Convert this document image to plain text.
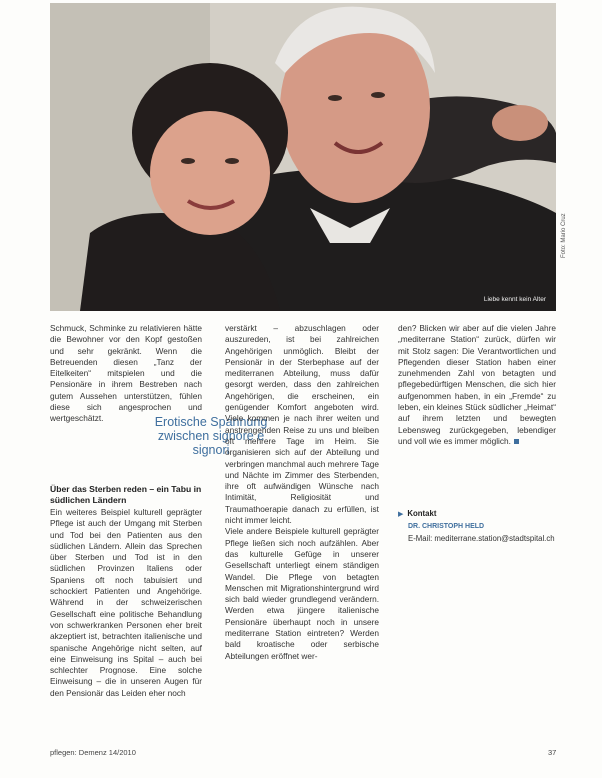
Liebe kennt kein Alter
Foto: Mario Cruz

Schmuck, Schminke zu relativieren hätte die Bewohner vor den Kopf gestoßen und sehr gekränkt. Wenn die Betreuenden diesen „Tanz der Eitelkeiten“ mitspielen und die Pensionäre in ihrem Bestreben nach gutem Aussehen unterstützen, fühlen diese sich angesprochen und wertgeschätzt.	Erotische Spannung zwischen signore e signori
Über das Sterben reden – ein Tabu in südlichen Ländern

Ein weiteres Beispiel kulturell geprägter Pflege ist auch der Umgang mit Sterben und Tod bei den Patienten aus den südlichen Ländern. Allein das Sprechen über Sterben und Tod ist in den südlichen Provinzen Italiens oder Spaniens oft noch tabuisiert und schockiert Patienten und Angehörige. Während in der schweizerischen Gesellschaft eine politische Behandlung von schwerkranken Personen eher breit akzeptiert ist, betrachten italienische und spanische Angehörige nicht selten, auf eine Einweisung ins Spital – auch bei schlechter Prognose. Eine solche Einweisung – die in unseren Augen für den Pensionär das Leiden eher noch

verstärkt – abzuschlagen oder auszureden, ist bei zahlreichen Angehörigen unmöglich. Bleibt der Pensionär in der Sterbephase auf der mediterranen Abteilung, muss dafür gesorgt werden, dass den zahlreichen Angehörigen, die erscheinen, ein genügender Komfort angeboten wird. Viele kommen je nach ihrer weiten und anstrengenden Reise zu uns und bleiben oft mehrere Tage im Heim. Sie organisieren sich auf der Abteilung und verbringen manchmal auch mehrere Tage und Nächte im Zimmer des Sterbenden, ihre oft aufwändigen Wünsche nach Intimität, Religiosität und Traumathoerapie danach zu erfüllen, ist nicht immer leicht.
Viele andere Beispiele kulturell geprägter Pflege ließen sich noch aufzählen. Aber das kulturelle Gefüge in unserer Gesellschaft unterliegt einem ständigen Wandel. Die Pflege von betagten Menschen mit Migrationshintergrund wird sich bald wieder grundlegend verändern. Werden etwa jüngere italienische Pensionäre überhaupt noch in unsere mediterrane Station eintreten? Werden bald kroatische oder serbische Abteilungen eröffnet wer-

den? Blicken wir aber auf die vielen Jahre „mediterrane Station“ zurück, dürfen wir mit Stolz sagen: Die Verantwortlichen und Pflegenden dieser Station haben einer zunehmenden Zahl von betagten und pflegebedürftigen Menschen, die sich hier aufgenommen haben, in ein „Fremde“ zu leben, ein kleines Stück südlicher „Heimat“ auf ihrem letzten und bewegten Lebensweg zurückgegeben, lebendiger und voll wie es immer möglich.

▶ Kontakt
DR. CHRISTOPH HELD
E-Mail: mediterrane.station@stadtspital.ch
pflegen: Demenz 14/2010	37
